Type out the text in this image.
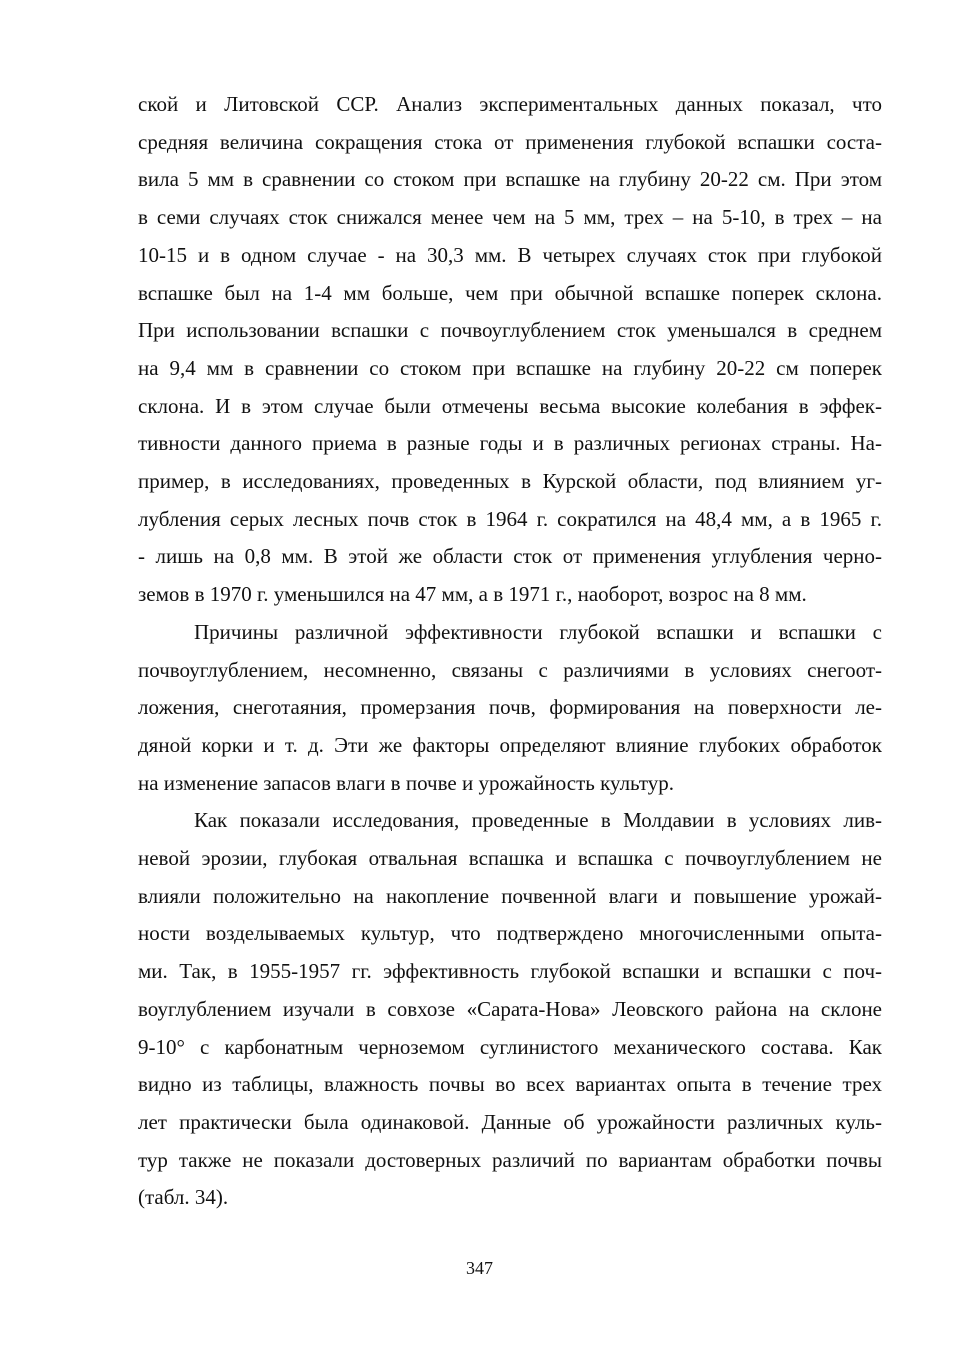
ской и Литовской ССР. Анализ экспериментальных данных показал, что
средняя величина сокращения стока от применения глубокой вспашки соста-
вила 5 мм в сравнении со стоком при вспашке на глубину 20-22 см. При этом
в семи случаях сток снижался менее чем на 5 мм, трех – на 5-10, в трех – на
10-15 и в одном случае - на 30,3 мм. В четырех случаях сток при глубокой
вспашке был на 1-4 мм больше, чем при обычной вспашке поперек склона.
При использовании вспашки с почвоуглублением сток уменьшался в среднем
на 9,4 мм в сравнении со стоком при вспашке на глубину 20-22 см поперек
склона. И в этом случае были отмечены весьма высокие колебания в эффек-
тивности данного приема в разные годы и в различных регионах страны. На-
пример, в исследованиях, проведенных в Курской области, под влиянием уг-
лубления серых лесных почв сток в 1964 г. сократился на 48,4 мм, а в 1965 г.
- лишь на 0,8 мм. В этой же области сток от применения углубления черно-
земов в 1970 г. уменьшился на 47 мм, а в 1971 г., наоборот, возрос на 8 мм.
Причины различной эффективности глубокой вспашки и вспашки с
почвоуглублением, несомненно, связаны с различиями в условиях снегоот-
ложения, снеготаяния, промерзания почв, формирования на поверхности ле-
дяной корки и т. д. Эти же факторы определяют влияние глубоких обработок
на изменение запасов влаги в почве и урожайность культур.
Как показали исследования, проведенные в Молдавии в условиях лив-
невой эрозии, глубокая отвальная вспашка и вспашка с почвоуглублением не
влияли положительно на накопление почвенной влаги и повышение урожай-
ности возделываемых культур, что подтверждено многочисленными опыта-
ми. Так, в 1955-1957 гг. эффективность глубокой вспашки и вспашки с поч-
воуглублением изучали в совхозе «Сарата-Нова» Леовского района на склоне
9-10° с карбонатным черноземом суглинистого механического состава. Как
видно из таблицы, влажность почвы во всех вариантах опыта в течение трех
лет практически была одинаковой. Данные об урожайности различных куль-
тур также не показали достоверных различий по вариантам обработки почвы
(табл. 34).
347
